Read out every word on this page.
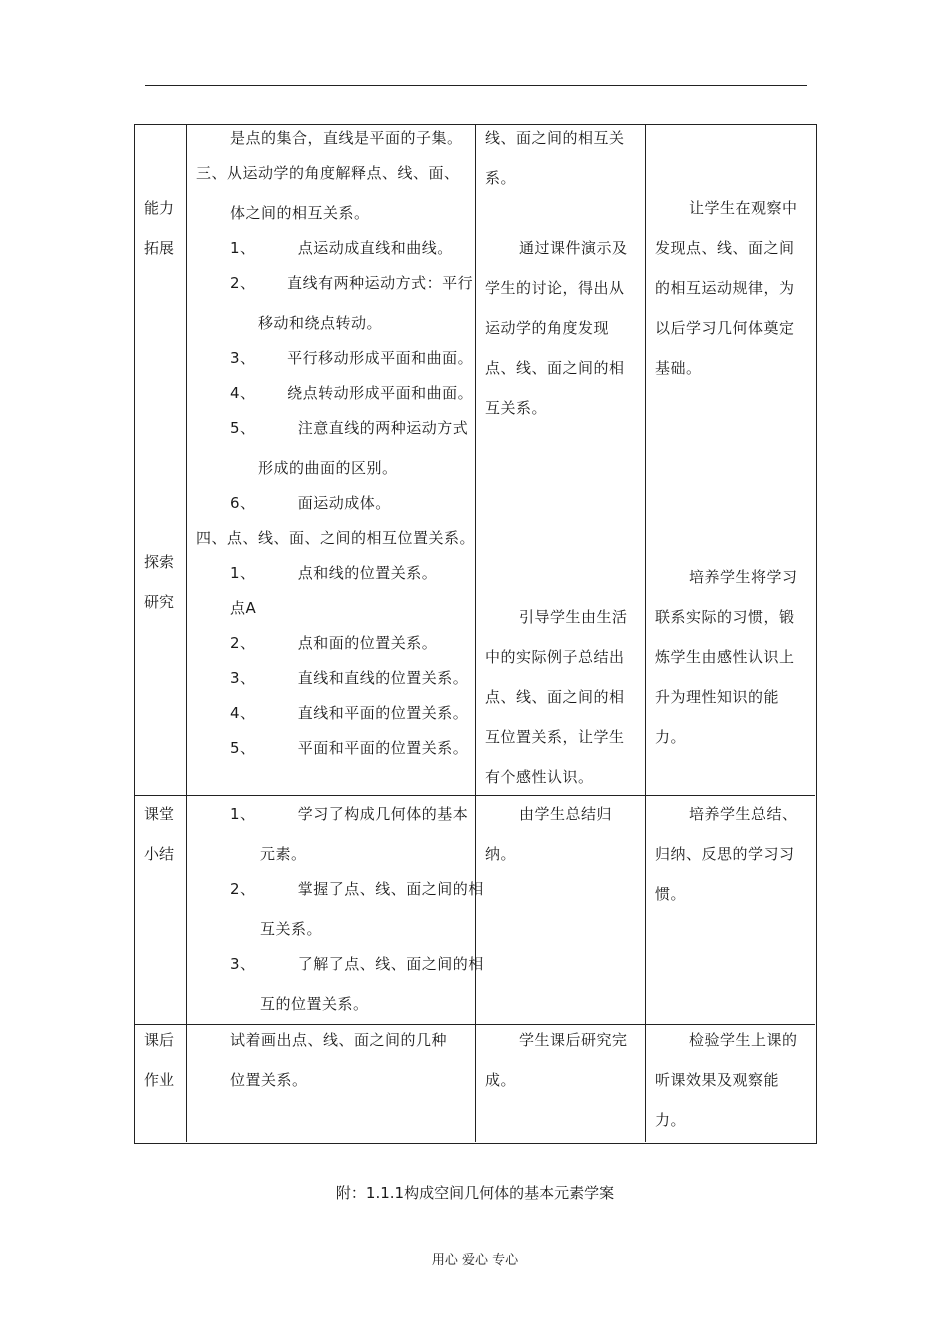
能力
拓展
探索
研究
课堂
小结
课后
作业
是点的集合，直线是平面的子集。
三、从运动学的角度解释点、线、面、
体之间的相互关系。
1、        点运动成直线和曲线。
2、      直线有两种运动方式：平行
移动和绕点转动。
3、      平行移动形成平面和曲面。
4、      绕点转动形成平面和曲面。
5、        注意直线的两种运动方式
形成的曲面的区别。
6、        面运动成体。
四、点、线、面、之间的相互位置关系。
1、        点和线的位置关系。
点A
2、        点和面的位置关系。
3、        直线和直线的位置关系。
4、        直线和平面的位置关系。
5、        平面和平面的位置关系。
1、        学习了构成几何体的基本
元素。
2、        掌握了点、线、面之间的相
互关系。
3、        了解了点、线、面之间的相
互的位置关系。
试着画出点、线、面之间的几种
位置关系。
线、面之间的相互关
系。
通过课件演示及
学生的讨论，得出从
运动学的角度发现
点、线、面之间的相
互关系。
引导学生由生活
中的实际例子总结出
点、线、面之间的相
互位置关系，让学生
有个感性认识。
由学生总结归
纳。
学生课后研究完
成。
让学生在观察中
发现点、线、面之间
的相互运动规律，为
以后学习几何体奠定
基础。
培养学生将学习
联系实际的习惯，锻
炼学生由感性认识上
升为理性知识的能
力。
培养学生总结、
归纳、反思的学习习
惯。
检验学生上课的
听课效果及观察能
力。
附：1.1.1构成空间几何体的基本元素学案
用心 爱心 专心
